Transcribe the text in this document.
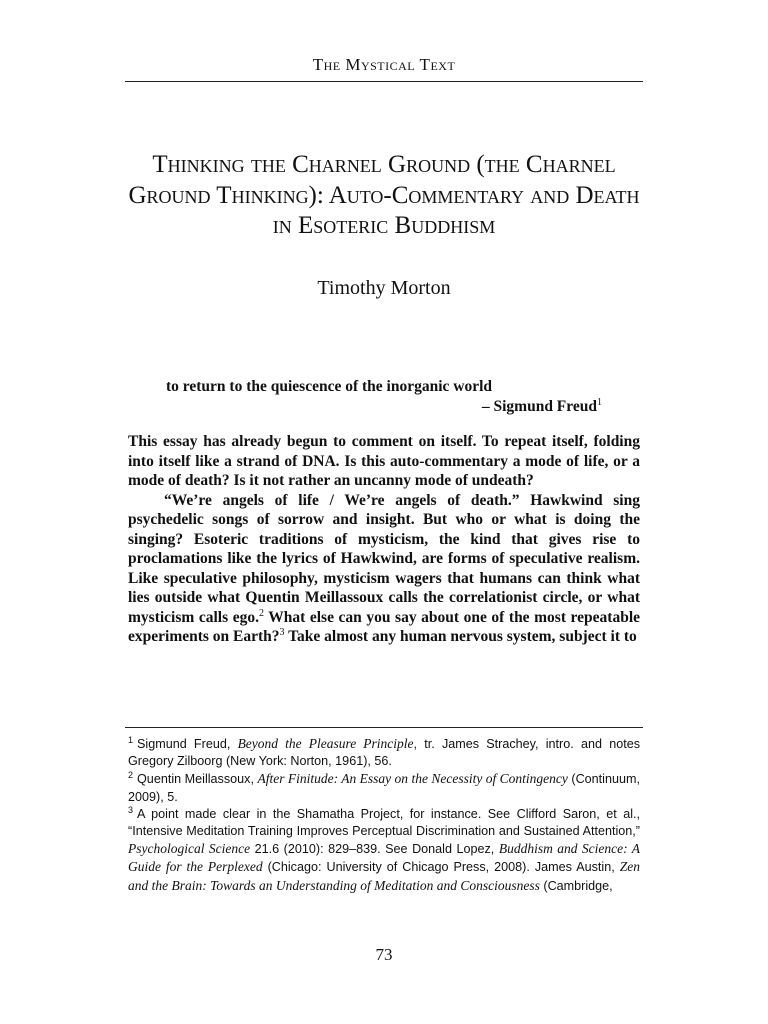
The Mystical Text
Thinking the Charnel Ground (the Charnel Ground Thinking): Auto-Commentary and Death in Esoteric Buddhism
Timothy Morton
to return to the quiescence of the inorganic world
– Sigmund Freud$^1$

This essay has already begun to comment on itself. To repeat itself, folding into itself like a strand of DNA. Is this auto-commentary a mode of life, or a mode of death? Is it not rather an uncanny mode of undeath?

“We’re angels of life / We’re angels of death.” Hawkwind sing psychedelic songs of sorrow and insight. But who or what is doing the singing? Esoteric traditions of mysticism, the kind that gives rise to proclamations like the lyrics of Hawkwind, are forms of speculative realism. Like speculative philosophy, mysticism wagers that humans can think what lies outside what Quentin Meillassoux calls the correlationist circle, or what mysticism calls ego.$^2$ What else can you say about one of the most repeatable experiments on Earth?$^3$ Take almost any human nervous system, subject it to

$^1$ Sigmund Freud, Beyond the Pleasure Principle, tr. James Strachey, intro. and notes Gregory Zilboorg (New York: Norton, 1961), 56.

$^2$ Quentin Meillassoux, After Finitude: An Essay on the Necessity of Contingency (Continuum, 2009), 5.

$^3$ A point made clear in the Shamatha Project, for instance. See Clifford Saron, et al., “Intensive Meditation Training Improves Perceptual Discrimination and Sustained Attention,” Psychological Science 21.6 (2010): 829–839. See Donald Lopez, Buddhism and Science: A Guide for the Perplexed (Chicago: University of Chicago Press, 2008). James Austin, Zen and the Brain: Towards an Understanding of Meditation and Consciousness (Cambridge,

73
